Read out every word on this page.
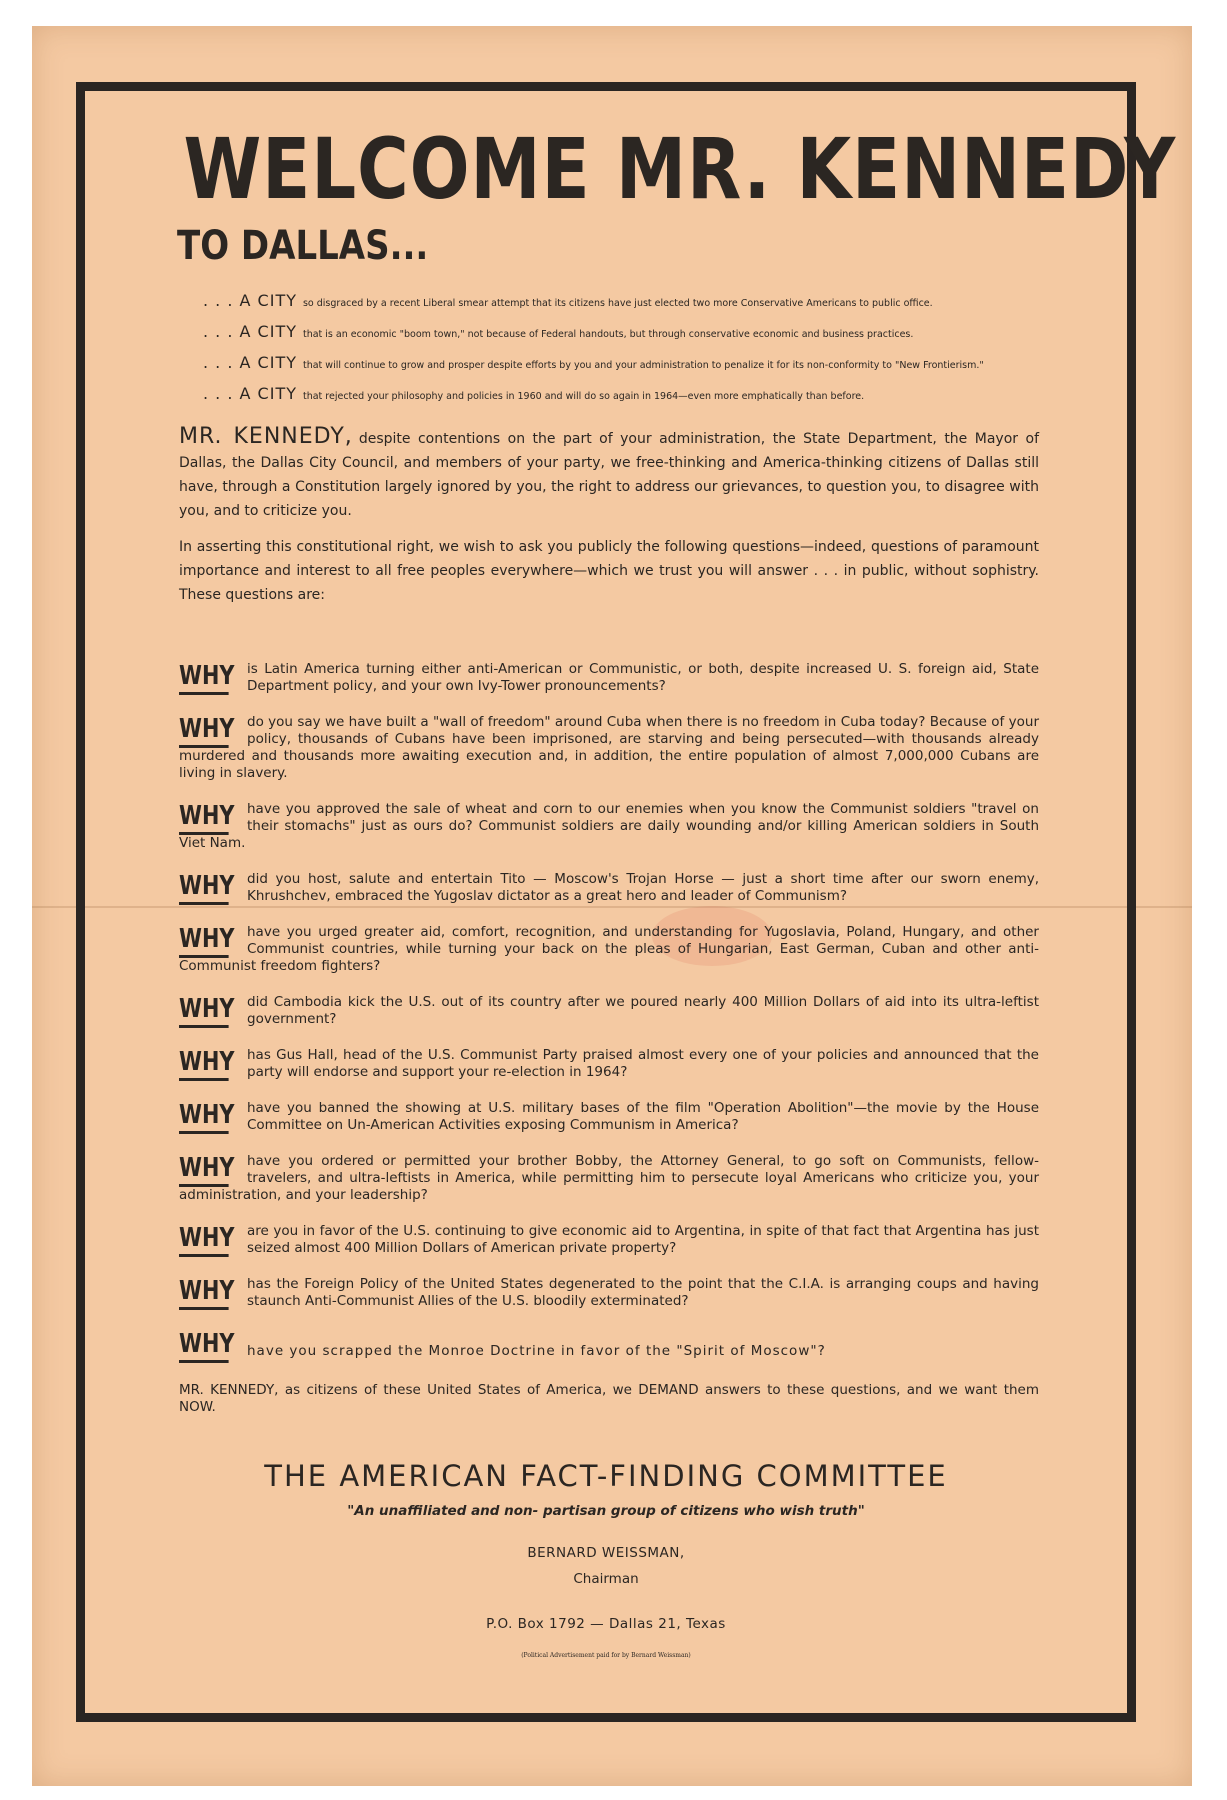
WELCOME MR. KENNEDY
TO DALLAS...
. . . A CITY so disgraced by a recent Liberal smear attempt that its citizens have just elected two more Conservative Americans to public office.
. . . A CITY that is an economic "boom town," not because of Federal handouts, but through conservative economic and business practices.
. . . A CITY that will continue to grow and prosper despite efforts by you and your administration to penalize it for its non-conformity to "New Frontierism."
. . . A CITY that rejected your philosophy and policies in 1960 and will do so again in 1964—even more emphatically than before.
MR. KENNEDY, despite contentions on the part of your administration, the State Department, the Mayor of Dallas, the Dallas City Council, and members of your party, we free-thinking and America-thinking citizens of Dallas still have, through a Constitution largely ignored by you, the right to address our grievances, to question you, to disagree with you, and to criticize you.
In asserting this constitutional right, we wish to ask you publicly the following questions—indeed, questions of paramount importance and interest to all free peoples everywhere—which we trust you will answer . . . in public, without sophistry. These questions are:
WHY is Latin America turning either anti-American or Communistic, or both, despite increased U. S. foreign aid, State Department policy, and your own Ivy-Tower pronouncements?
WHY do you say we have built a "wall of freedom" around Cuba when there is no freedom in Cuba today? Because of your policy, thousands of Cubans have been imprisoned, are starving and being persecuted—with thousands already murdered and thousands more awaiting execution and, in addition, the entire population of almost 7,000,000 Cubans are living in slavery.
WHY have you approved the sale of wheat and corn to our enemies when you know the Communist soldiers "travel on their stomachs" just as ours do? Communist soldiers are daily wounding and/or killing American soldiers in South Viet Nam.
WHY did you host, salute and entertain Tito — Moscow's Trojan Horse — just a short time after our sworn enemy, Khrushchev, embraced the Yugoslav dictator as a great hero and leader of Communism?
WHY have you urged greater aid, comfort, recognition, and understanding for Yugoslavia, Poland, Hungary, and other Communist countries, while turning your back on the pleas of Hungarian, East German, Cuban and other anti-Communist freedom fighters?
WHY did Cambodia kick the U.S. out of its country after we poured nearly 400 Million Dollars of aid into its ultra-leftist government?
WHY has Gus Hall, head of the U.S. Communist Party praised almost every one of your policies and announced that the party will endorse and support your re-election in 1964?
WHY have you banned the showing at U.S. military bases of the film "Operation Abolition"—the movie by the House Committee on Un-American Activities exposing Communism in America?
WHY have you ordered or permitted your brother Bobby, the Attorney General, to go soft on Communists, fellow-travelers, and ultra-leftists in America, while permitting him to persecute loyal Americans who criticize you, your administration, and your leadership?
WHY are you in favor of the U.S. continuing to give economic aid to Argentina, in spite of that fact that Argentina has just seized almost 400 Million Dollars of American private property?
WHY has the Foreign Policy of the United States degenerated to the point that the C.I.A. is arranging coups and having staunch Anti-Communist Allies of the U.S. bloodily exterminated?
WHY have you scrapped the Monroe Doctrine in favor of the "Spirit of Moscow"?
MR. KENNEDY, as citizens of these United States of America, we DEMAND answers to these questions, and we want them NOW.
THE AMERICAN FACT-FINDING COMMITTEE
"An unaffiliated and non- partisan group of citizens who wish truth"
BERNARD WEISSMAN,
Chairman
P.O. Box 1792 — Dallas 21, Texas
(Political Advertisement paid for by Bernard Weissman)
